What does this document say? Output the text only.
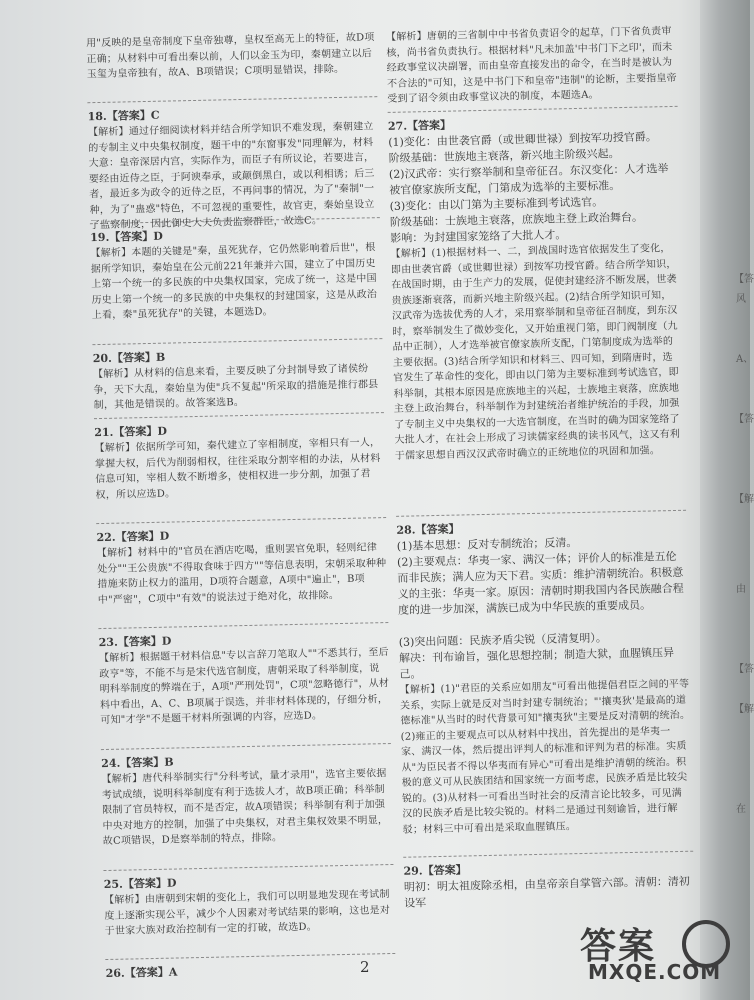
【答
风
A、
【答
【解
由
【答
【解
在

用"反映的是皇帝制度下皇帝独尊，皇权至高无上的特征，故D项正确；从材料中可看出秦以前，人们以金玉为印，秦朝建立以后玉玺为皇帝独有，故A、B项错误；C项明显错误，排除。

18.【答案】C

【解析】通过仔细阅读材料并结合所学知识不难发现，秦朝建立的专制主义中央集权制度，题干中的"东窗事发"同理解为，材料大意：皇帝深居内宫，实际作为，而臣子有所议论，若要进言，要经由近侍之臣，于阿谀奉承，或颠倒黑白，或以利相诱；后三者，最近多为政令的近侍之臣，不再问事的情况，为了"秦制"一种，为了"蛊惑"特色，不可忽视的重要性，故官吏，秦始皇设立了监察制度，因此御史大夫负责监察群臣，故选C。

19.【答案】D

【解析】本题的关键是"秦，虽死犹存，它仍然影响着后世"，根据所学知识，秦始皇在公元前221年兼并六国，建立了中国历史上第一个统一的多民族的中央集权国家，完成了统一，这是中国历史上第一个统一的多民族的中央集权的封建国家，这是从政治上看，秦"虽死犹存"的关键，本题选D。

20.【答案】B

【解析】从材料的信息来看，主要反映了分封制导致了诸侯纷争，天下大乱，秦始皇为使"兵不复起"所采取的措施是推行郡县制，其他是错误的。故答案选B。

21.【答案】D

【解析】依据所学可知，秦代建立了宰相制度，宰相只有一人，掌握大权，后代为削弱相权，往往采取分割宰相的办法，从材料信息可知，宰相人数不断增多，使相权进一步分割，加强了君权，所以应选D。

22.【答案】D

【解析】材料中的"官员在酒店吃喝，重则罢官免职，轻则纪律处分""王公贵族"不得取食味于四方""等信息表明，宋朝采取种种措施来防止权力的滥用，D项符合题意，A项中"遍止"，B项中"严密"，C项中"有效"的说法过于绝对化，故排除。

23.【答案】D

【解析】根据题干材料信息"专以言辞刀笔取人""不悉其行，至后政亨"等，不能不与是宋代选官制度，唐朝采取了科举制度，说明科举制度的弊端在于，A项"严刑处罚"，C项"忽略德行"，从材料中看出，A、C、B项属于误选，并非材料体现的，仔细分析，可知"才学"不是题干材料所强调的内容，应选D。

24.【答案】B

【解析】唐代科举制实行"分科考试，量才录用"，选官主要依据考试成绩，说明科举制度有利于选拔人才，故B项正确；科举制限制了官员特权，而不是否定，故A项错误；科举制有利于加强中央对地方的控制，加强了中央集权，对君主集权效果不明显，故C项错误，D是察举制的特点，排除。

25.【答案】D

【解析】由唐朝到宋朝的变化上，我们可以明显地发现在考试制度上逐渐实现公平，减少个人因素对考试结果的影响，这也是对于世家大族对政治控制有一定的打破，故选D。

26.【答案】A

【解析】唐朝的三省制中中书省负责诏令的起草，门下省负责审核，尚书省负责执行。根据材料"凡未加盖'中书门下之印'，而未经政事堂议决副署，而由皇帝直接发出的命令，在当时是被认为不合法的"可知，这是中书门下和皇帝"违制"的论断，主要指皇帝受到了诏令须由政事堂议决的制度，本题选A。

27.【答案】

(1)变化：由世袭官爵（或世卿世禄）到按军功授官爵。

阶级基础：世族地主衰落，新兴地主阶级兴起。

(2)汉武帝：实行察举制和皇帝征召。东汉变化：人才选举被官僚家族所支配，门第成为选举的主要标准。

(3)变化：由以门第为主要标准到考试选官。

阶级基础：士族地主衰落，庶族地主登上政治舞台。

影响：为封建国家笼络了大批人才。

【解析】(1)根据材料一、二，到战国时选官依据发生了变化，即由世袭官爵（或世卿世禄）到按军功授官爵。结合所学知识，在战国时期，由于生产力的发展，促使封建经济不断发展，世袭贵族逐渐衰落，而新兴地主阶级兴起。(2)结合所学知识可知，汉武帝为选拔优秀的人才，采用察举制和皇帝征召制度，到东汉时，察举制发生了微妙变化，又开始重视门第，即门阀制度（九品中正制），人才选举被官僚家族所支配，门第制度成为选举的主要依据。(3)结合所学知识和材料三、四可知，到隋唐时，选官发生了革命性的变化，即由以门第为主要标准到考试选官，即科举制，其根本原因是庶族地主的兴起，士族地主衰落，庶族地主登上政治舞台，科举制作为封建统治者维护统治的手段，加强了专制主义中央集权的一大选官制度，在当时的确为国家笼络了大批人才，在社会上形成了习读儒家经典的读书风气，这又有利于儒家思想自西汉汉武帝时确立的正统地位的巩固和加强。

28.【答案】

(1)基本思想：反对专制统治；反清。

(2)主要观点：华夷一家、满汉一体；评价人的标准是五伦而非民族；满人应为天下君。实质：维护清朝统治。积极意义的主张：华夷一家。原因：清朝时期我国内各民族融合程度的进一步加深，满族已成为中华民族的重要成员。

(3)突出问题：民族矛盾尖锐（反清复明）。

解决：刊布谕旨，强化思想控制；制造大狱，血腥镇压异己。

【解析】(1)"君臣的关系应如朋友"可看出他提倡君臣之间的平等关系，实际上就是反对当时封建专制统治；"'攘夷狄'是最高的道德标准"从当时的时代背景可知"攘夷狄"主要是反对清朝的统治。(2)雍正的主要观点可以从材料中找出，首先提出的是华夷一家、满汉一体，然后提出评判人的标准和评判为君的标准。实质从"为臣民者不得以华夷而有异心"可看出是维护清朝的统治。积极的意义可从民族团结和国家统一方面考虑，民族矛盾是比较尖锐的。(3)从材料一可看出当时社会的反清言论比较多，可见满汉的民族矛盾是比较尖锐的。材料二是通过刊刻谕旨，进行解驳；材料三中可看出是采取血腥镇压。

29.【答案】

明初：明太祖废除丞相，由皇帝亲自掌管六部。清朝：清初设军

2	答案
MXQE.COM
